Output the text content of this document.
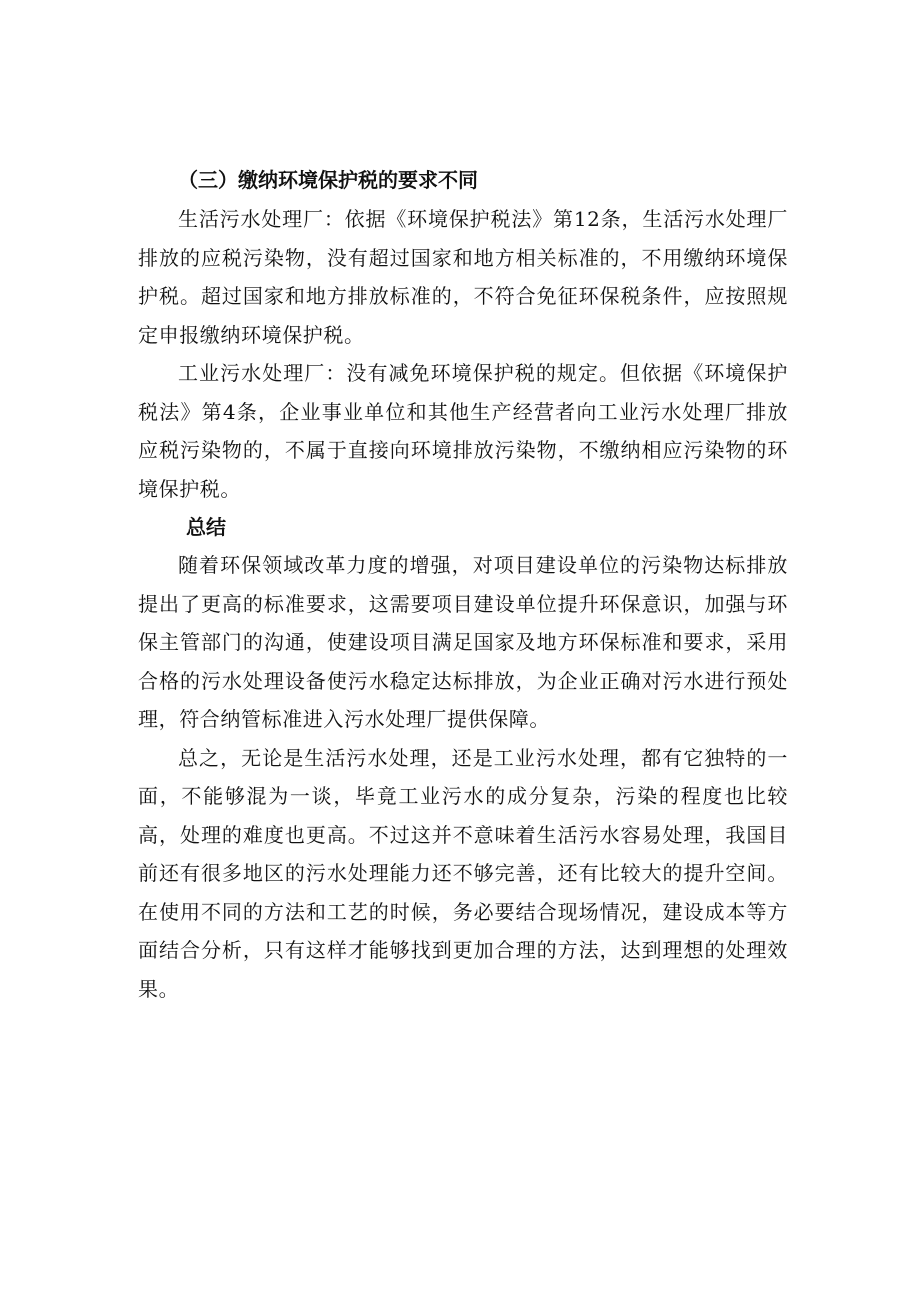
（三）缴纳环境保护税的要求不同

生活污水处理厂：依据《环境保护税法》第12条，生活污水处理厂排放的应税污染物，没有超过国家和地方相关标准的，不用缴纳环境保护税。超过国家和地方排放标准的，不符合免征环保税条件，应按照规定申报缴纳环境保护税。

工业污水处理厂：没有减免环境保护税的规定。但依据《环境保护税法》第4条，企业事业单位和其他生产经营者向工业污水处理厂排放应税污染物的，不属于直接向环境排放污染物，不缴纳相应污染物的环境保护税。

总结

随着环保领域改革力度的增强，对项目建设单位的污染物达标排放提出了更高的标准要求，这需要项目建设单位提升环保意识，加强与环保主管部门的沟通，使建设项目满足国家及地方环保标准和要求，采用合格的污水处理设备使污水稳定达标排放，为企业正确对污水进行预处理，符合纳管标准进入污水处理厂提供保障。

总之，无论是生活污水处理，还是工业污水处理，都有它独特的一面，不能够混为一谈，毕竟工业污水的成分复杂，污染的程度也比较高，处理的难度也更高。不过这并不意味着生活污水容易处理，我国目前还有很多地区的污水处理能力还不够完善，还有比较大的提升空间。在使用不同的方法和工艺的时候，务必要结合现场情况，建设成本等方面结合分析，只有这样才能够找到更加合理的方法，达到理想的处理效果。
